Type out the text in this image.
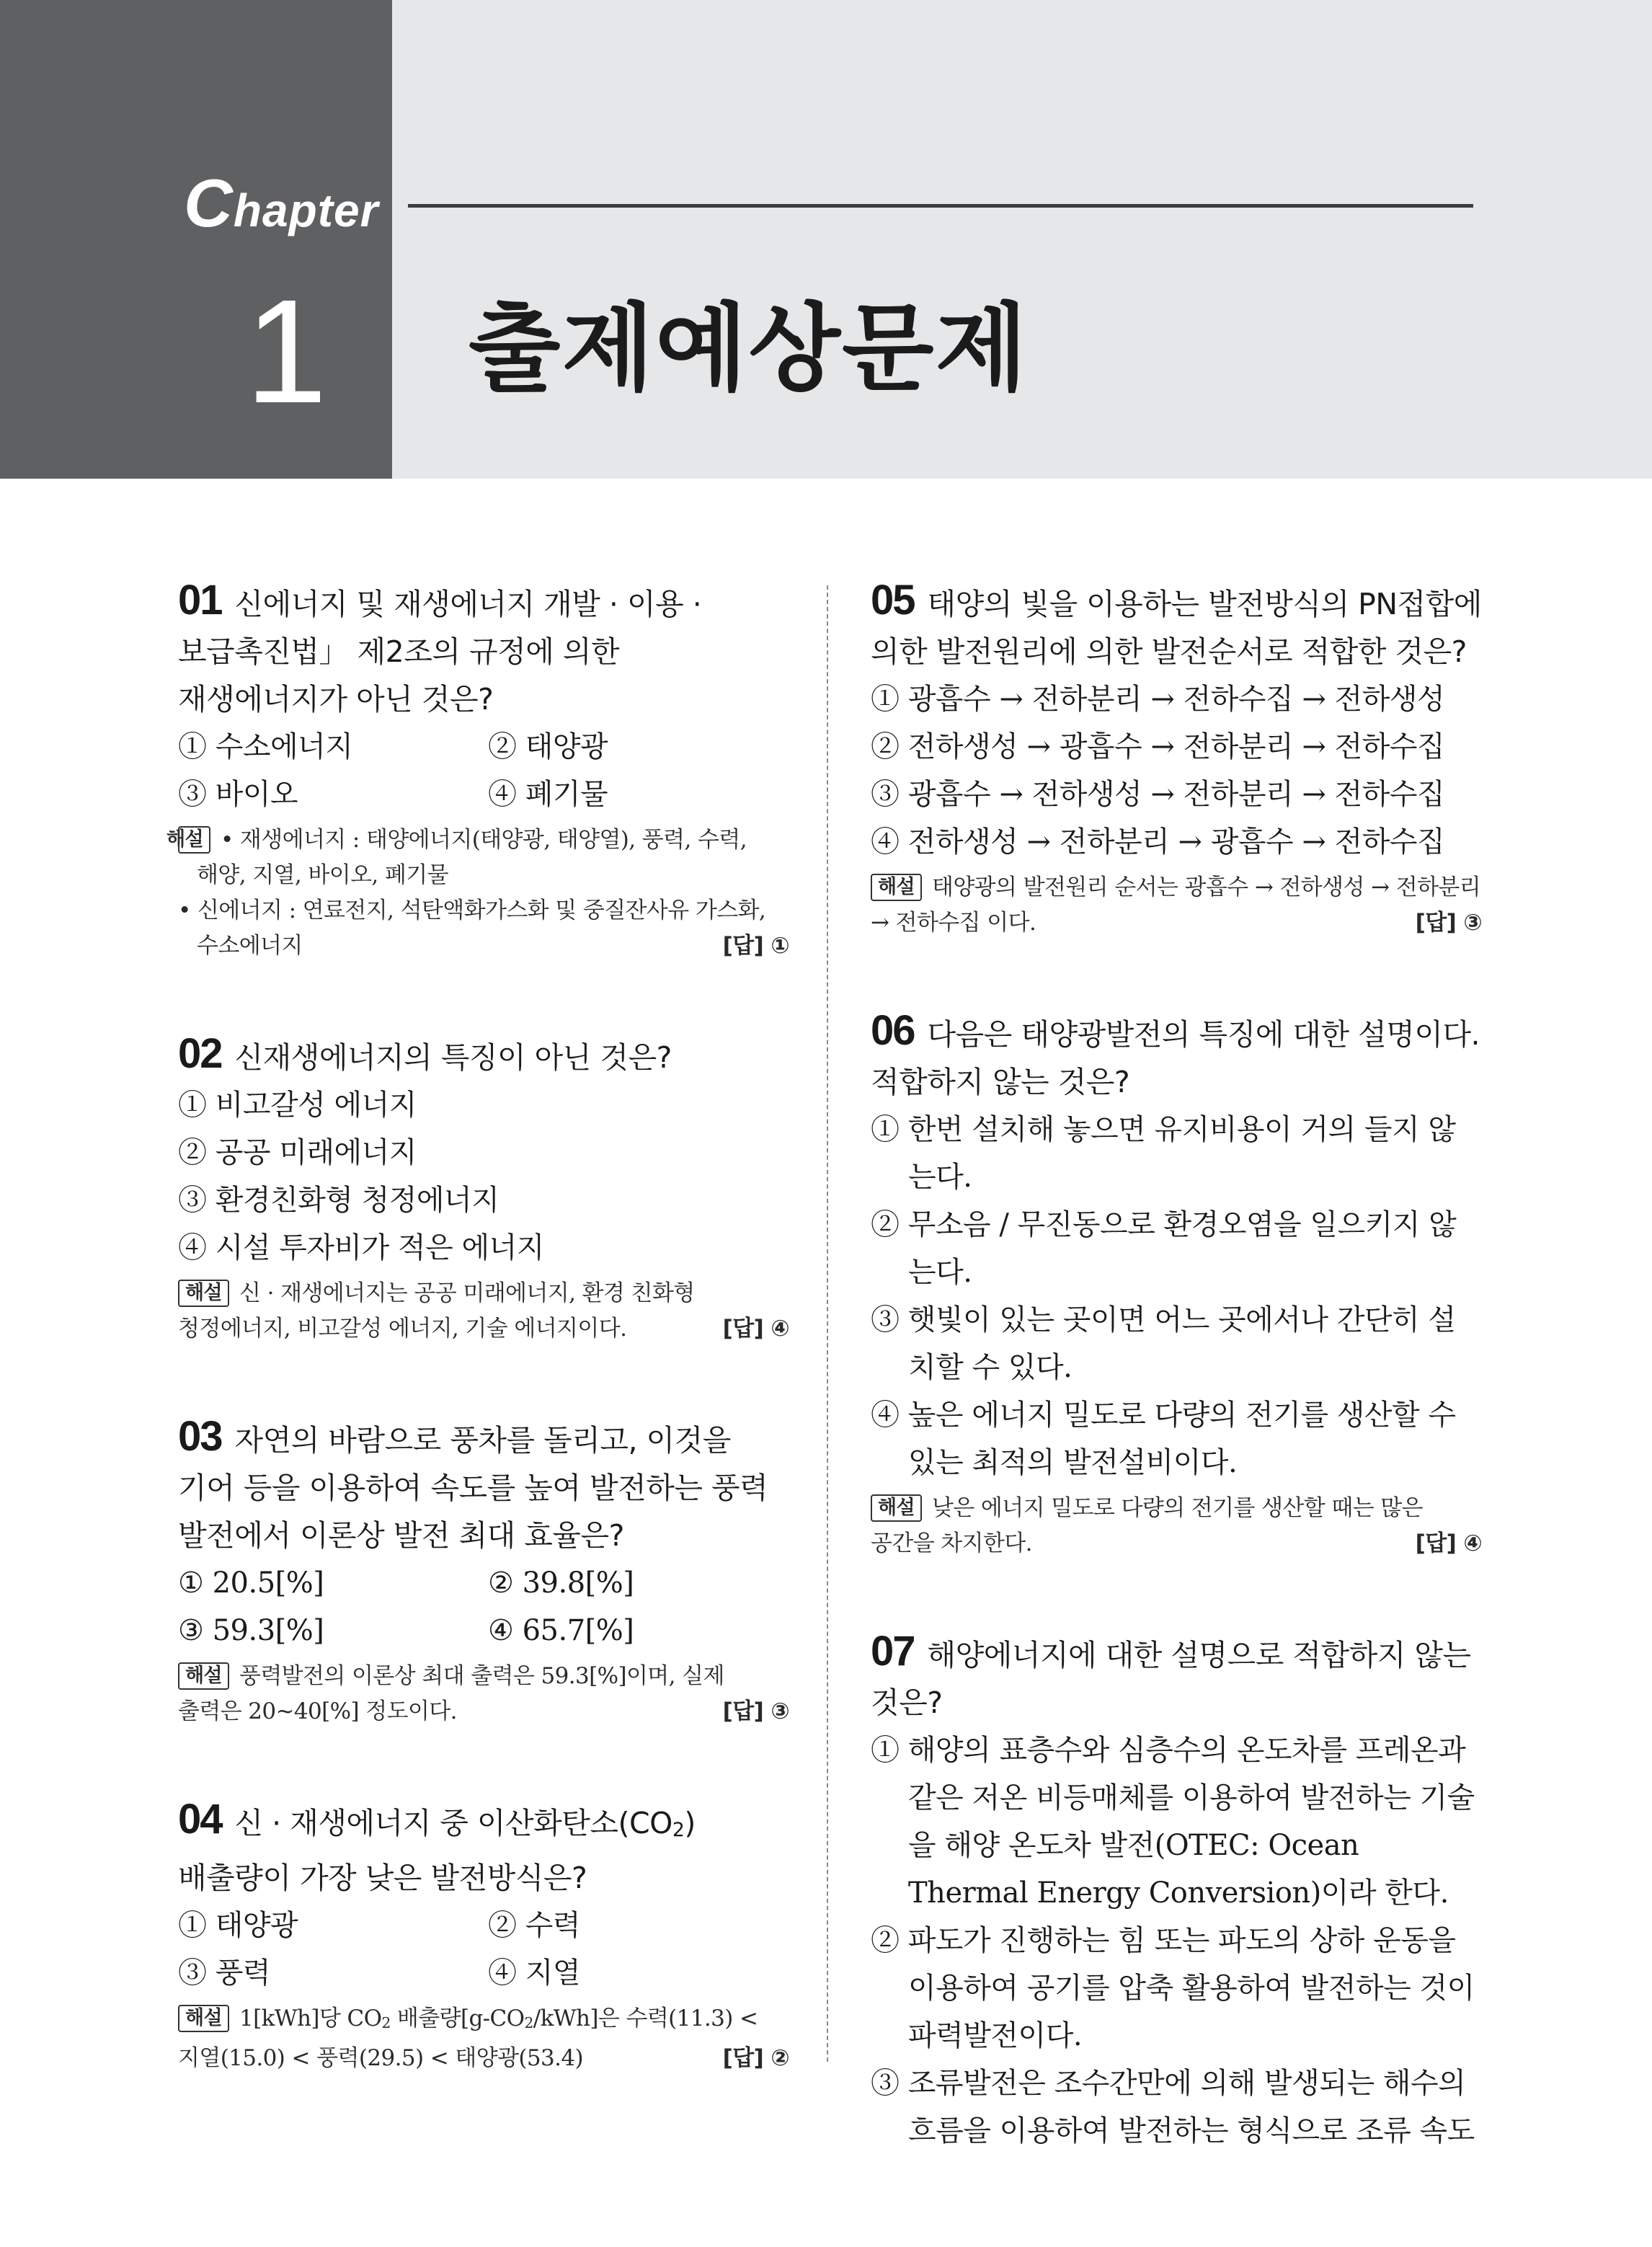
Chapter
1	출제예상문제

01 신에너지 및 재생에너지 개발 · 이용 · 보급촉진법」 제2조의 규정에 의한 재생에너지가 아닌 것은?

① 수소에너지	② 태양광
③ 바이오	④ 폐기물

해설 • 재생에너지 : 태양에너지(태양광, 태양열), 풍력, 수력, 해양, 지열, 바이오, 폐기물

• 신에너지 : 연료전지, 석탄액화가스화 및 중질잔사유 가스화, 수소에너지	[답] ①

02 신재생에너지의 특징이 아닌 것은?

① 비고갈성 에너지
② 공공 미래에너지
③ 환경친화형 청정에너지
④ 시설 투자비가 적은 에너지

해설 신 · 재생에너지는 공공 미래에너지, 환경 친화형 청정에너지, 비고갈성 에너지, 기술 에너지이다.	[답] ④

03 자연의 바람으로 풍차를 돌리고, 이것을 기어 등을 이용하여 속도를 높여 발전하는 풍력 발전에서 이론상 발전 최대 효율은?

① 20.5[%]	② 39.8[%]
③ 59.3[%]	④ 65.7[%]

해설 풍력발전의 이론상 최대 출력은 59.3[%]이며, 실제 출력은 20~40[%] 정도이다.	[답] ③

04 신 · 재생에너지 중 이산화탄소(CO2) 배출량이 가장 낮은 발전방식은?

① 태양광	② 수력
③ 풍력	④ 지열

해설 1[kWh]당 CO2 배출량[g-CO2/kWh]은 수력(11.3) < 지열(15.0) < 풍력(29.5) < 태양광(53.4)	[답] ②

05 태양의 빛을 이용하는 발전방식의 PN접합에 의한 발전원리에 의한 발전순서로 적합한 것은?

① 광흡수 → 전하분리 → 전하수집 → 전하생성
② 전하생성 → 광흡수 → 전하분리 → 전하수집
③ 광흡수 → 전하생성 → 전하분리 → 전하수집
④ 전하생성 → 전하분리 → 광흡수 → 전하수집

해설 태양광의 발전원리 순서는 광흡수 → 전하생성 → 전하분리 → 전하수집 이다.	[답] ③

06 다음은 태양광발전의 특징에 대한 설명이다. 적합하지 않는 것은?

① 한번 설치해 놓으면 유지비용이 거의 들지 않는다.
② 무소음 / 무진동으로 환경오염을 일으키지 않는다.
③ 햇빛이 있는 곳이면 어느 곳에서나 간단히 설치할 수 있다.
④ 높은 에너지 밀도로 다량의 전기를 생산할 수 있는 최적의 발전설비이다.

해설 낮은 에너지 밀도로 다량의 전기를 생산할 때는 많은 공간을 차지한다.	[답] ④

07 해양에너지에 대한 설명으로 적합하지 않는 것은?

① 해양의 표층수와 심층수의 온도차를 프레온과 같은 저온 비등매체를 이용하여 발전하는 기술을 해양 온도차 발전(OTEC: Ocean Thermal Energy Conversion)이라 한다.
② 파도가 진행하는 힘 또는 파도의 상하 운동을 이용하여 공기를 압축 활용하여 발전하는 것이 파력발전이다.
③ 조류발전은 조수간만에 의해 발생되는 해수의 흐름을 이용하여 발전하는 형식으로 조류 속도
